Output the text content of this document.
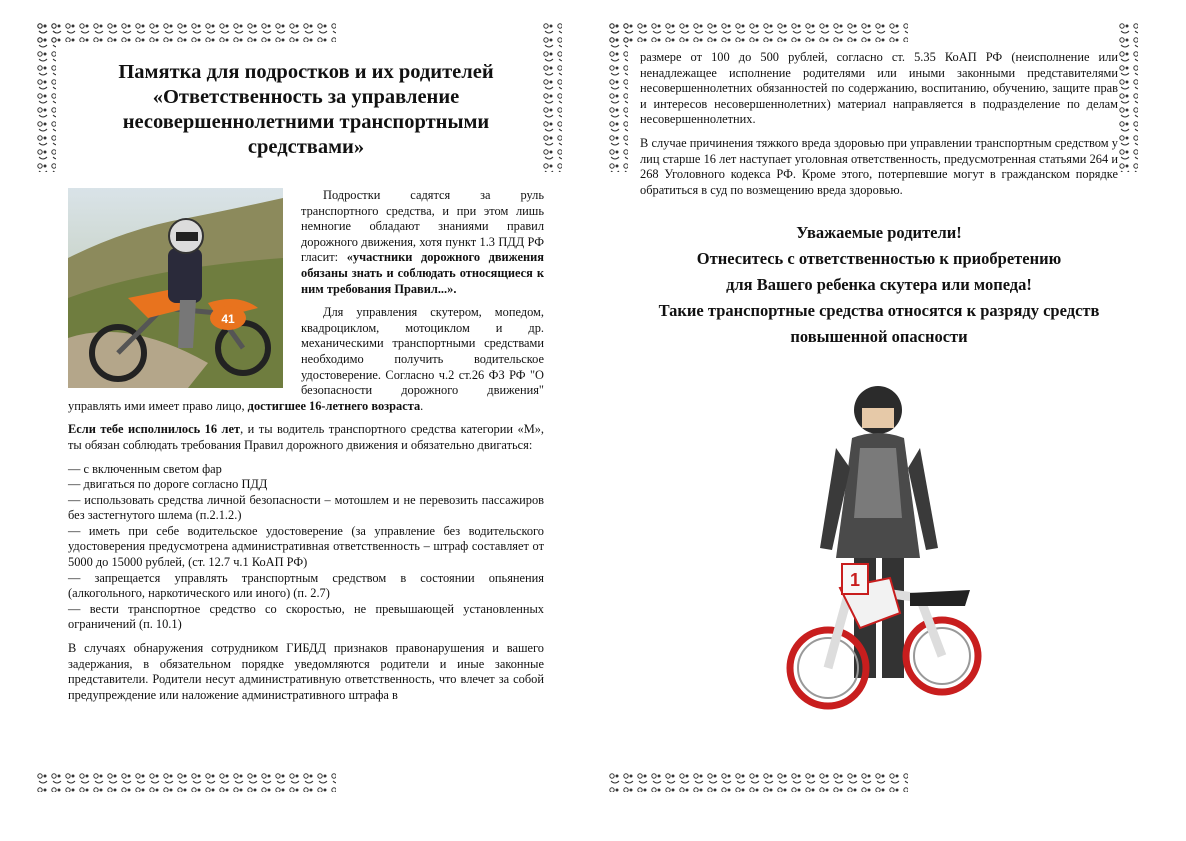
Памятка для подростков и их родителей «Ответственность за управление несовершеннолетними транспортными средствами»
41

Подростки садятся за руль транспортного средства, и при этом лишь немногие обладают знаниями правил дорожного движения, хотя пункт 1.3 ПДД РФ гласит: «участники дорожного движения обязаны знать и соблюдать относящиеся к ним требования Правил...».

Для управления скутером, мопедом, квадроциклом, мотоциклом и др. механическими транспортными средствами необходимо получить водительское удостоверение. Согласно ч.2 ст.26 ФЗ РФ "О безопасности дорожного движения" управлять ими имеет право лицо, достигшее 16-летнего возраста.

Если тебе исполнилось 16 лет, и ты водитель транспортного средства категории «М», ты обязан соблюдать требования Правил дорожного движения и обязательно двигаться:

— с включенным светом фар
— двигаться по дороге согласно ПДД
— использовать средства личной безопасности – мотошлем и не перевозить пассажиров без застегнутого шлема (п.2.1.2.)
— иметь при себе водительское удостоверение (за управление без водительского удостоверения предусмотрена административная ответственность – штраф составляет от 5000 до 15000 рублей, (ст. 12.7 ч.1 КоАП РФ)
— запрещается управлять транспортным средством в состоянии опьянения (алкогольного, наркотического или иного) (п. 2.7)
— вести транспортное средство со скоростью, не превышающей установленных ограничений (п. 10.1)

В случаях обнаружения сотрудником ГИБДД признаков правонарушения и вашего задержания, в обязательном порядке уведомляются родители и иные законные представители. Родители несут административную ответственность, что влечет за собой предупреждение или наложение административного штрафа в

размере от 100 до 500 рублей, согласно ст. 5.35 КоАП РФ (неисполнение или ненадлежащее исполнение родителями или иными законными представителями несовершеннолетних обязанностей по содержанию, воспитанию, обучению, защите прав и интересов несовершеннолетних) материал направляется в подразделение по делам несовершеннолетних.

В случае причинения тяжкого вреда здоровью при управлении транспортным средством у лиц старше 16 лет наступает уголовная ответственность, предусмотренная статьями 264 и 268 Уголовного кодекса РФ. Кроме этого, потерпевшие могут в гражданском порядке обратиться в суд по возмещению вреда здоровью.

Уважаемые родители!
Отнеситесь с ответственностью к приобретению
для Вашего ребенка скутера или мопеда!
Такие транспортные средства относятся к разряду средств повышенной опасности
1
